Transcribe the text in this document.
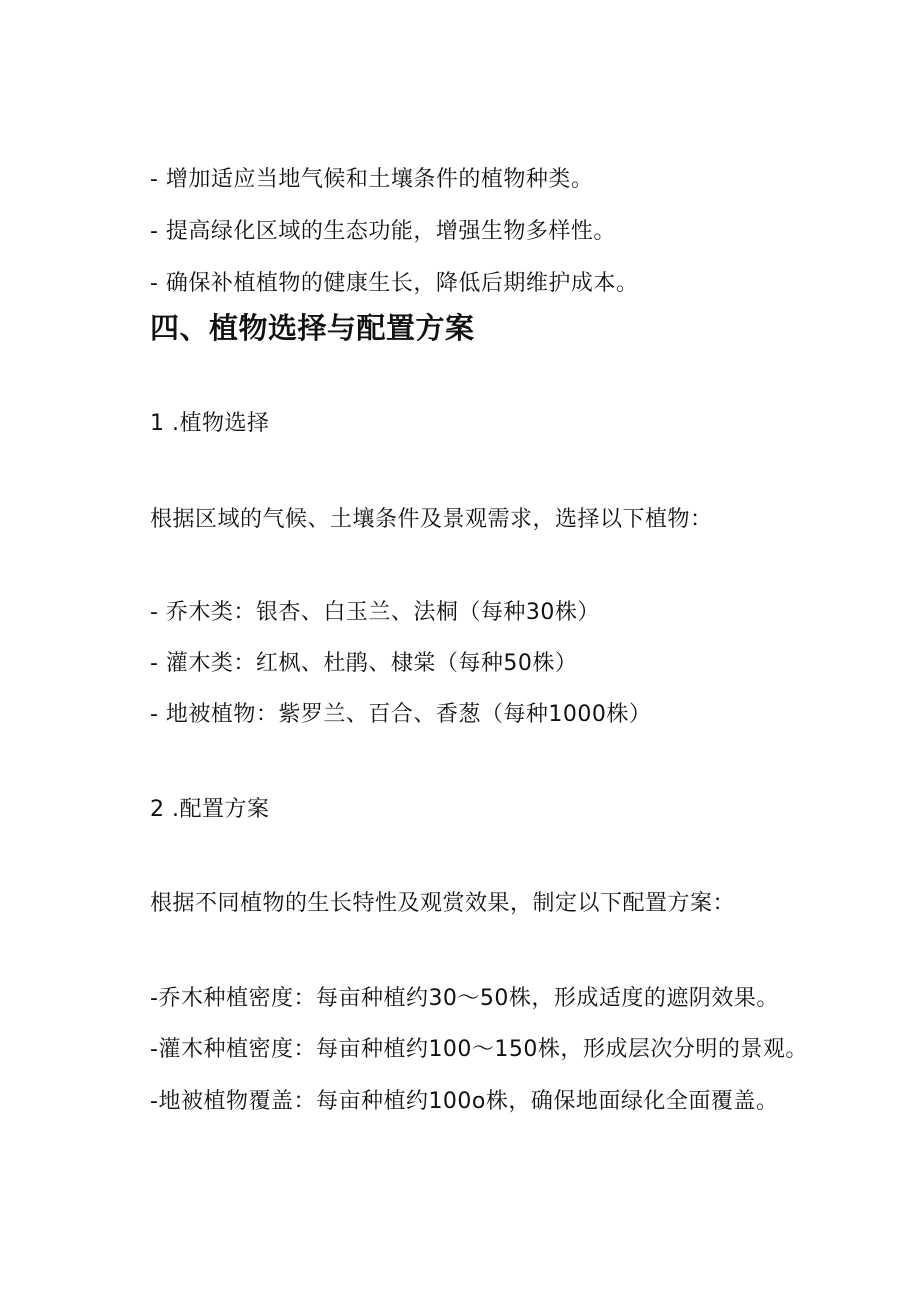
- 增加适应当地气候和土壤条件的植物种类。
- 提高绿化区域的生态功能，增强生物多样性。
- 确保补植植物的健康生长，降低后期维护成本。
四、植物选择与配置方案
1 .植物选择
根据区域的气候、土壤条件及景观需求，选择以下植物：
- 乔木类：银杏、白玉兰、法桐（每种30株）
- 灌木类：红枫、杜鹃、棣棠（每种50株）
- 地被植物：紫罗兰、百合、香葱（每种1000株）
2 .配置方案
根据不同植物的生长特性及观赏效果，制定以下配置方案：
-乔木种植密度：每亩种植约30～50株，形成适度的遮阴效果。
-灌木种植密度：每亩种植约100～150株，形成层次分明的景观。
-地被植物覆盖：每亩种植约100o株，确保地面绿化全面覆盖。
